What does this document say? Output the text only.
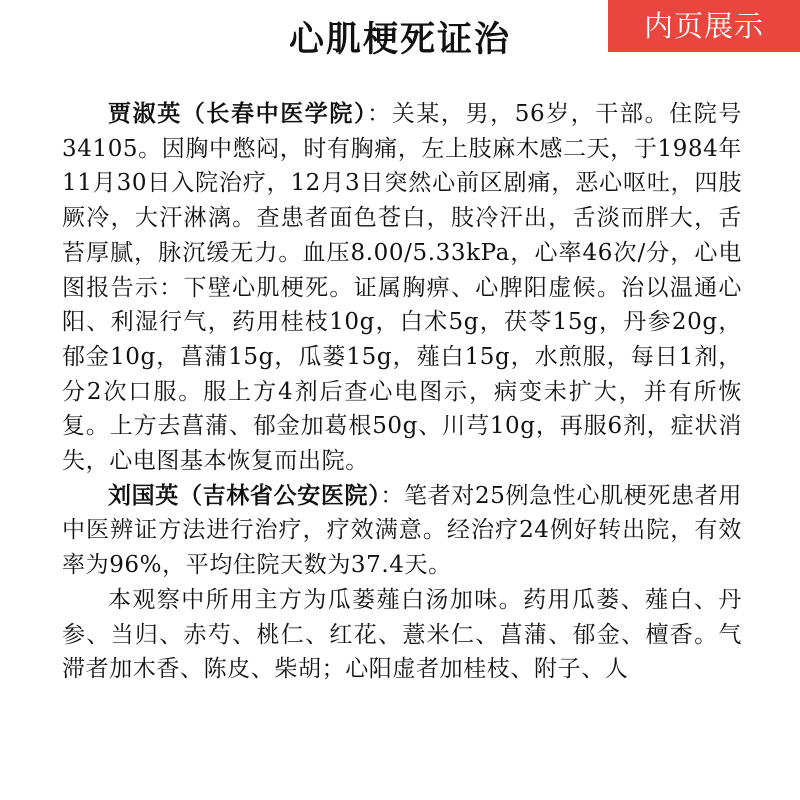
内页展示
心肌梗死证治

贾淑英（长春中医学院）：关某，男，56岁，干部。住院号34105。因胸中憋闷，时有胸痛，左上肢麻木感二天，于1984年11月30日入院治疗，12月3日突然心前区剧痛，恶心呕吐，四肢厥冷，大汗淋漓。查患者面色苍白，肢冷汗出，舌淡而胖大，舌苔厚腻，脉沉缓无力。血压8.00/5.33kPa，心率46次/分，心电图报告示：下壁心肌梗死。证属胸痹、心脾阳虚候。治以温通心阳、利湿行气，药用桂枝10g，白术5g，茯苓15g，丹参20g，郁金10g，菖蒲15g，瓜蒌15g，薤白15g，水煎服，每日1剂，分2次口服。服上方4剂后查心电图示，病变未扩大，并有所恢复。上方去菖蒲、郁金加葛根50g、川芎10g，再服6剂，症状消失，心电图基本恢复而出院。

刘国英（吉林省公安医院）：笔者对25例急性心肌梗死患者用中医辨证方法进行治疗，疗效满意。经治疗24例好转出院，有效率为96%，平均住院天数为37.4天。

本观察中所用主方为瓜蒌薤白汤加味。药用瓜蒌、薤白、丹参、当归、赤芍、桃仁、红花、薏米仁、菖蒲、郁金、檀香。气滞者加木香、陈皮、柴胡；心阳虚者加桂枝、附子、人
